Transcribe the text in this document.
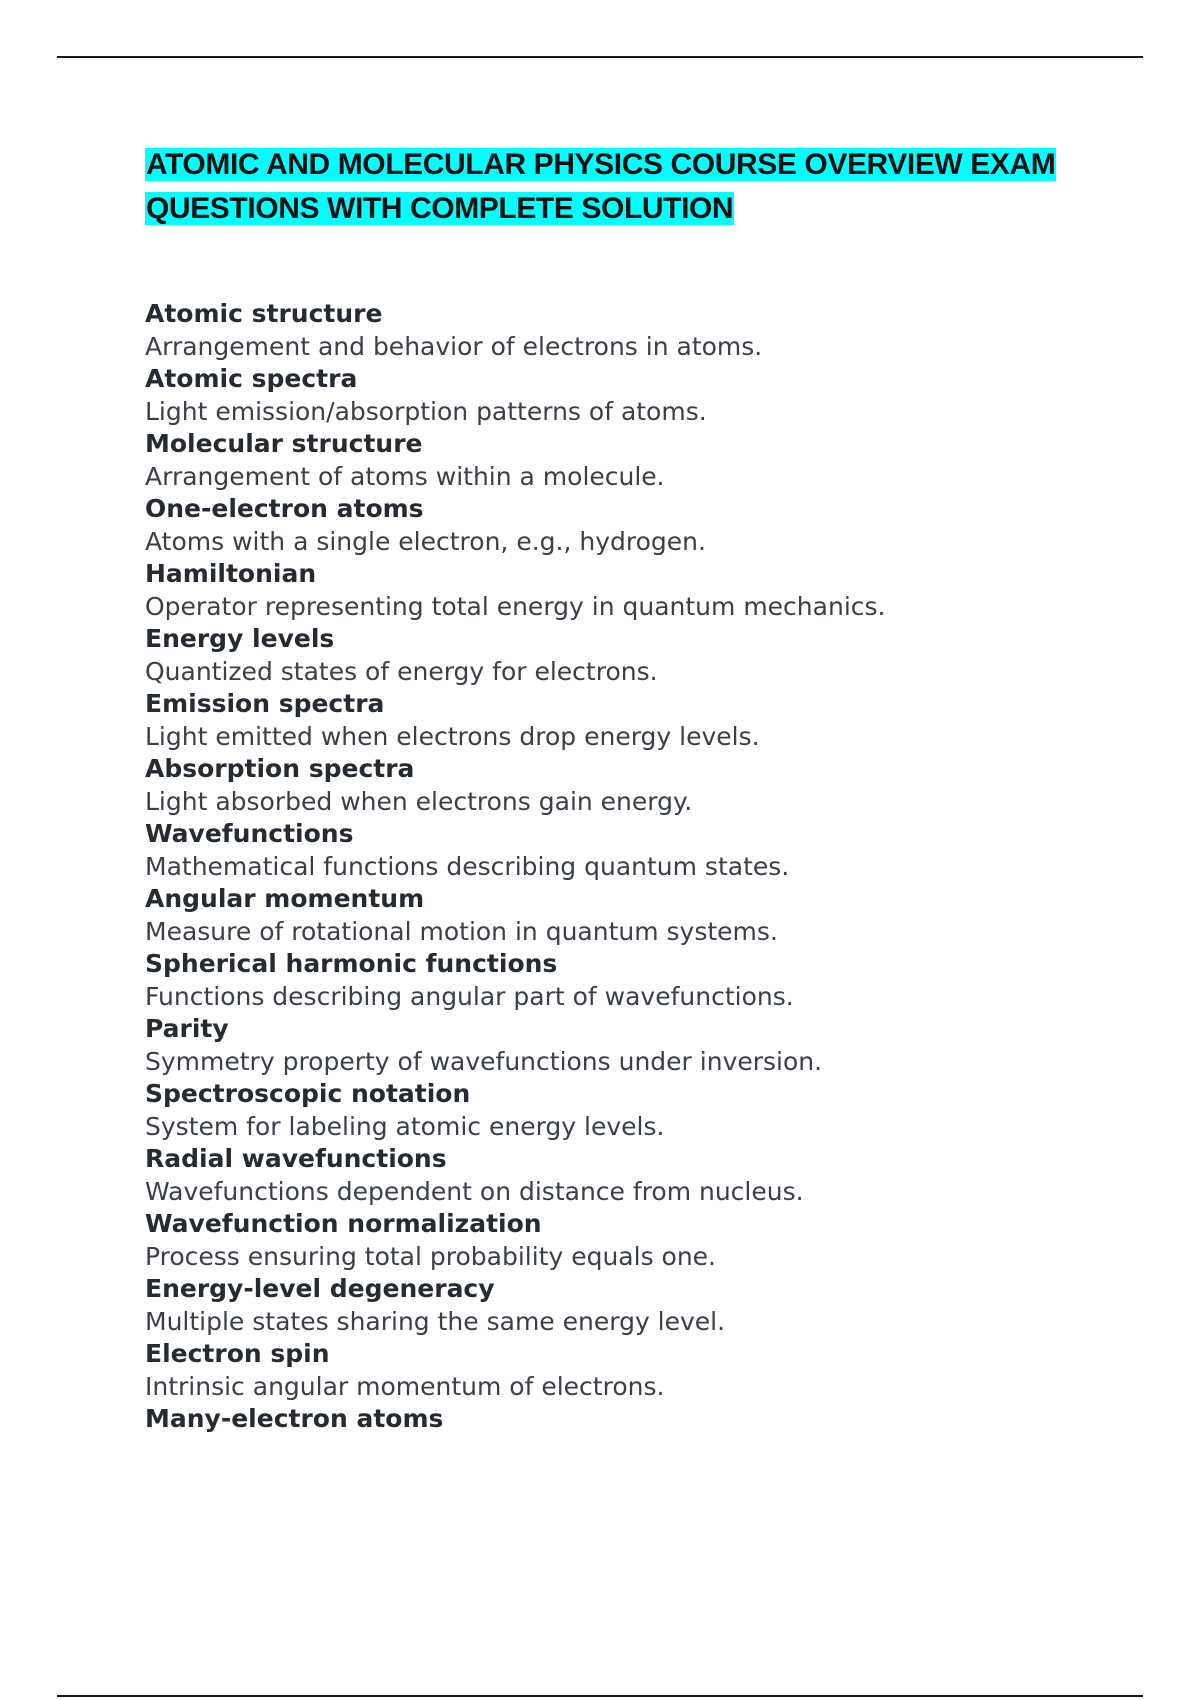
ATOMIC AND MOLECULAR PHYSICS COURSE OVERVIEW EXAM
QUESTIONS WITH COMPLETE SOLUTION
Atomic structure
Arrangement and behavior of electrons in atoms.
Atomic spectra
Light emission/absorption patterns of atoms.
Molecular structure
Arrangement of atoms within a molecule.
One-electron atoms
Atoms with a single electron, e.g., hydrogen.
Hamiltonian
Operator representing total energy in quantum mechanics.
Energy levels
Quantized states of energy for electrons.
Emission spectra
Light emitted when electrons drop energy levels.
Absorption spectra
Light absorbed when electrons gain energy.
Wavefunctions
Mathematical functions describing quantum states.
Angular momentum
Measure of rotational motion in quantum systems.
Spherical harmonic functions
Functions describing angular part of wavefunctions.
Parity
Symmetry property of wavefunctions under inversion.
Spectroscopic notation
System for labeling atomic energy levels.
Radial wavefunctions
Wavefunctions dependent on distance from nucleus.
Wavefunction normalization
Process ensuring total probability equals one.
Energy-level degeneracy
Multiple states sharing the same energy level.
Electron spin
Intrinsic angular momentum of electrons.
Many-electron atoms
